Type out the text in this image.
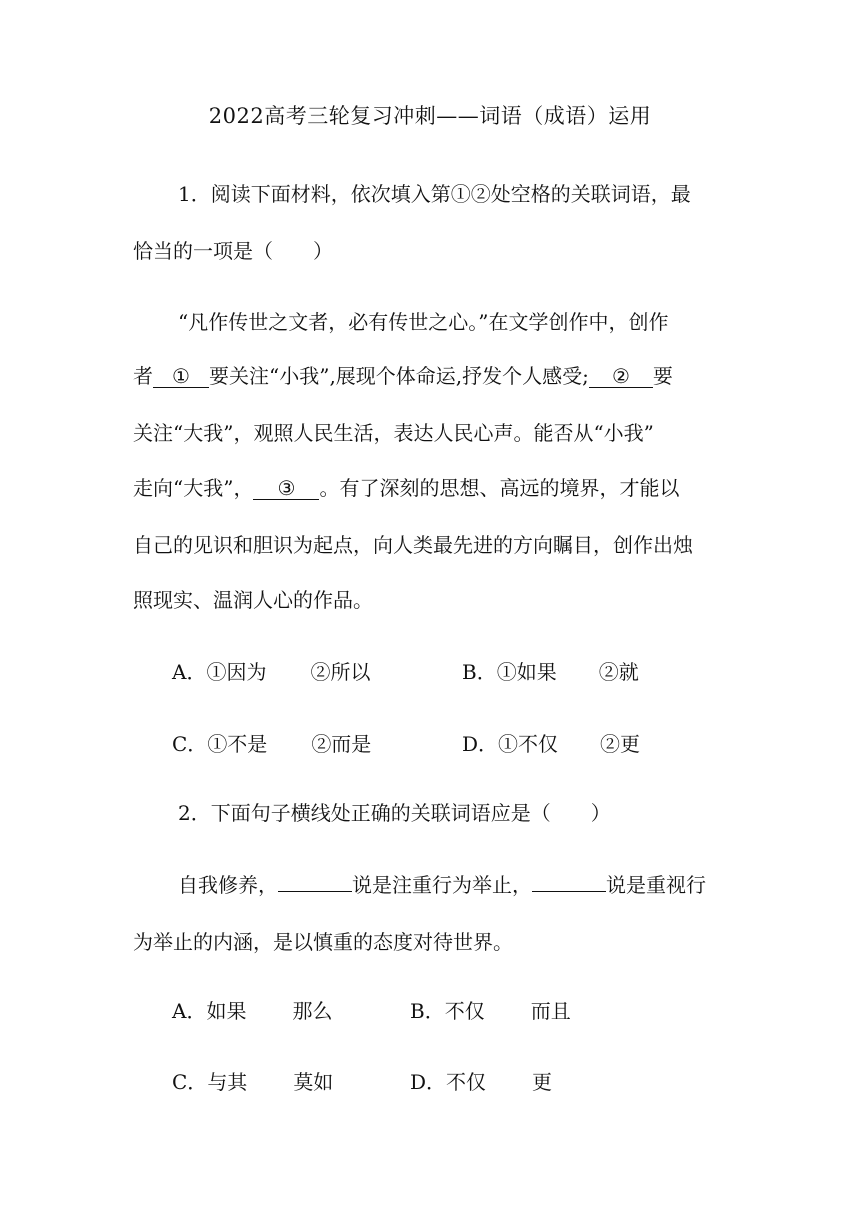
2022高考三轮复习冲刺——词语（成语）运用
1．阅读下面材料，依次填入第①②处空格的关联词语，最
恰当的一项是（　　）
“凡作传世之文者，必有传世之心。”在文学创作中，创作
者 ① 要关注“小我”,展现个体命运,抒发个人感受; ② 要
关注“大我”，观照人民生活，表达人民心声。能否从“小我”
走向“大我”， ③ 。有了深刻的思想、高远的境界，才能以
自己的见识和胆识为起点，向人类最先进的方向瞩目，创作出烛
照现实、温润人心的作品。
A．①因为 ②所以	B．①如果 ②就
C．①不是 ②而是	D．①不仅 ②更
2．下面句子横线处正确的关联词语应是（　　）
自我修养，	说是注重行为举止，	说是重视行
为举止的内涵，是以慎重的态度对待世界。
A．如果 那么	B．不仅 而且
C．与其 莫如	D．不仅 更
